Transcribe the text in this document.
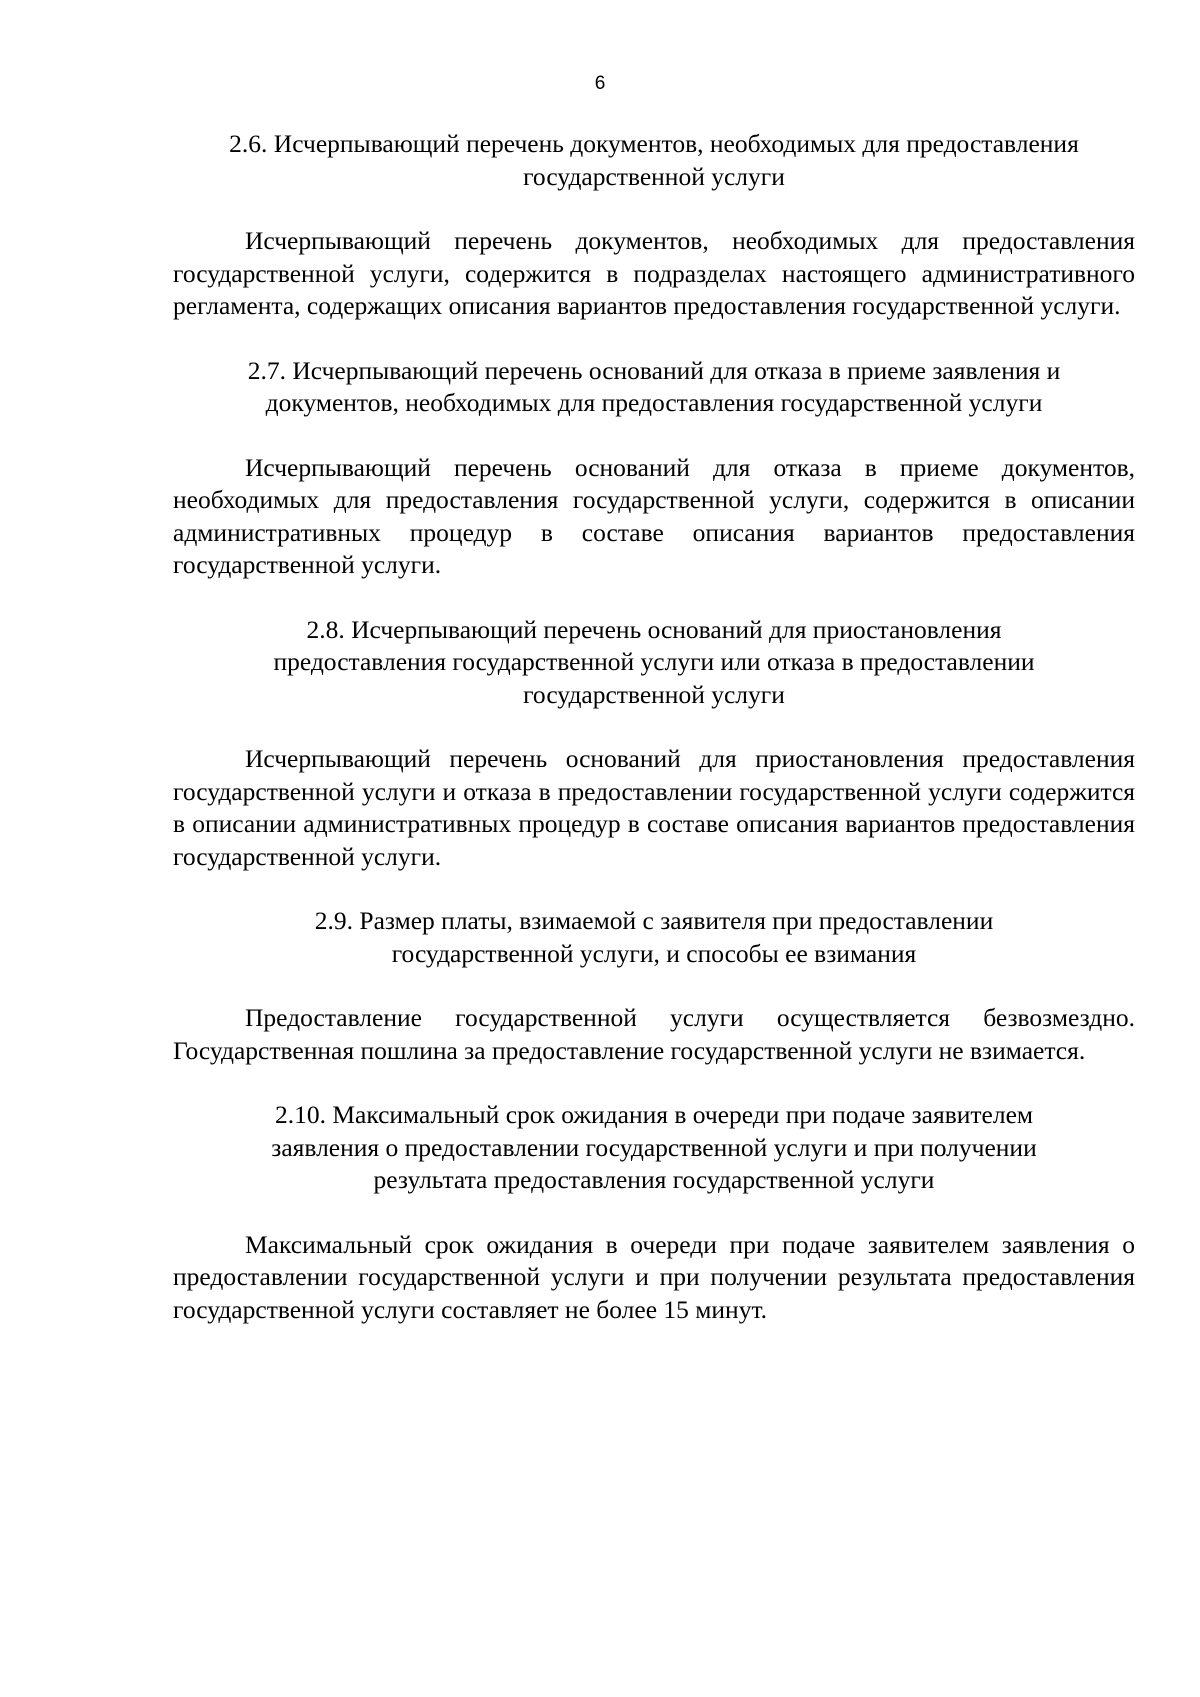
6

2.6. Исчерпывающий перечень документов, необходимых для предоставления
государственной услуги

Исчерпывающий перечень документов, необходимых для предоставления государственной услуги, содержится в подразделах настоящего административного регламента, содержащих описания вариантов предоставления государственной услуги.

2.7. Исчерпывающий перечень оснований для отказа в приеме заявления и
документов, необходимых для предоставления государственной услуги

Исчерпывающий перечень оснований для отказа в приеме документов, необходимых для предоставления государственной услуги, содержится в описании административных процедур в составе описания вариантов предоставления государственной услуги.

2.8. Исчерпывающий перечень оснований для приостановления
предоставления государственной услуги или отказа в предоставлении
государственной услуги

Исчерпывающий перечень оснований для приостановления предоставления государственной услуги и отказа в предоставлении государственной услуги содержится в описании административных процедур в составе описания вариантов предоставления государственной услуги.

2.9. Размер платы, взимаемой с заявителя при предоставлении
государственной услуги, и способы ее взимания

Предоставление государственной услуги осуществляется безвозмездно. Государственная пошлина за предоставление государственной услуги не взимается.

2.10. Максимальный срок ожидания в очереди при подаче заявителем
заявления о предоставлении государственной услуги и при получении
результата предоставления государственной услуги

Максимальный срок ожидания в очереди при подаче заявителем заявления о предоставлении государственной услуги и при получении результата предоставления государственной услуги составляет не более 15 минут.
